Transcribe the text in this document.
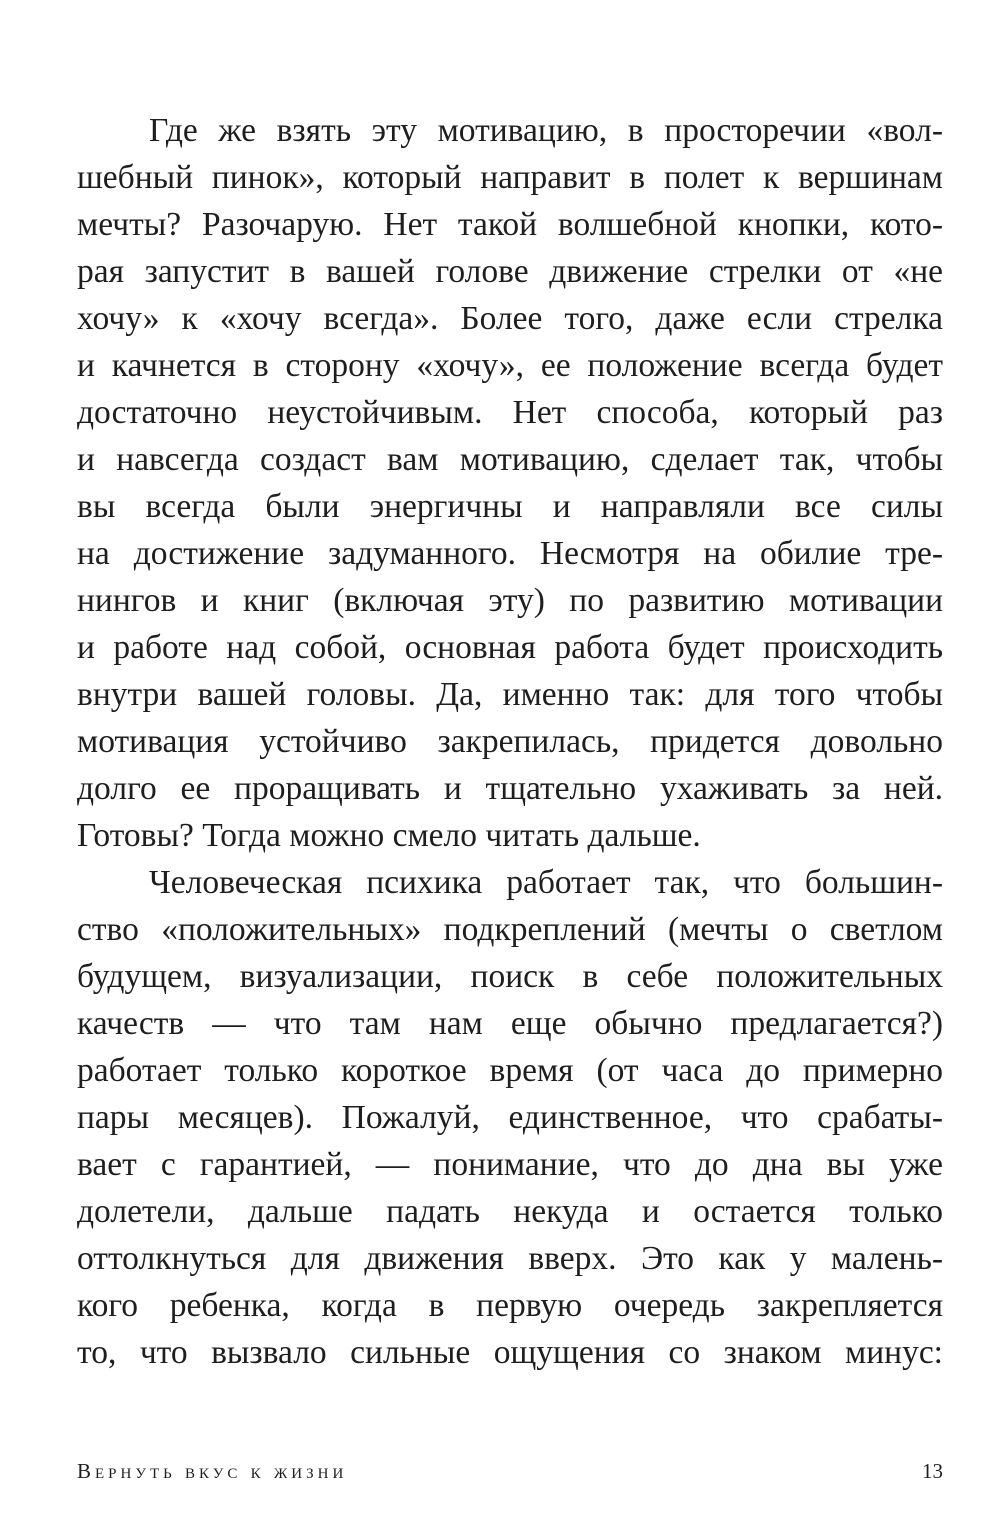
Где же взять эту мотивацию, в просторечии «вол-
шебный пинок», который направит в полет к вершинам
мечты? Разочарую. Нет такой волшебной кнопки, кото-
рая запустит в вашей голове движение стрелки от «не
хочу» к «хочу всегда». Более того, даже если стрелка
и качнется в сторону «хочу», ее положение всегда будет
достаточно неустойчивым. Нет способа, который раз
и навсегда создаст вам мотивацию, сделает так, чтобы
вы всегда были энергичны и направляли все силы
на достижение задуманного. Несмотря на обилие тре-
нингов и книг (включая эту) по развитию мотивации
и работе над собой, основная работа будет происходить
внутри вашей головы. Да, именно так: для того чтобы
мотивация устойчиво закрепилась, придется довольно
долго ее проращивать и тщательно ухаживать за ней.
Готовы? Тогда можно смело читать дальше.
Человеческая психика работает так, что большин-
ство «положительных» подкреплений (мечты о светлом
будущем, визуализации, поиск в себе положительных
качеств — что там нам еще обычно предлагается?)
работает только короткое время (от часа до примерно
пары месяцев). Пожалуй, единственное, что срабаты-
вает с гарантией, — понимание, что до дна вы уже
долетели, дальше падать некуда и остается только
оттолкнуться для движения вверх. Это как у малень-
кого ребенка, когда в первую очередь закрепляется
то, что вызвало сильные ощущения со знаком минус:
Вернуть вкус к жизни	13
